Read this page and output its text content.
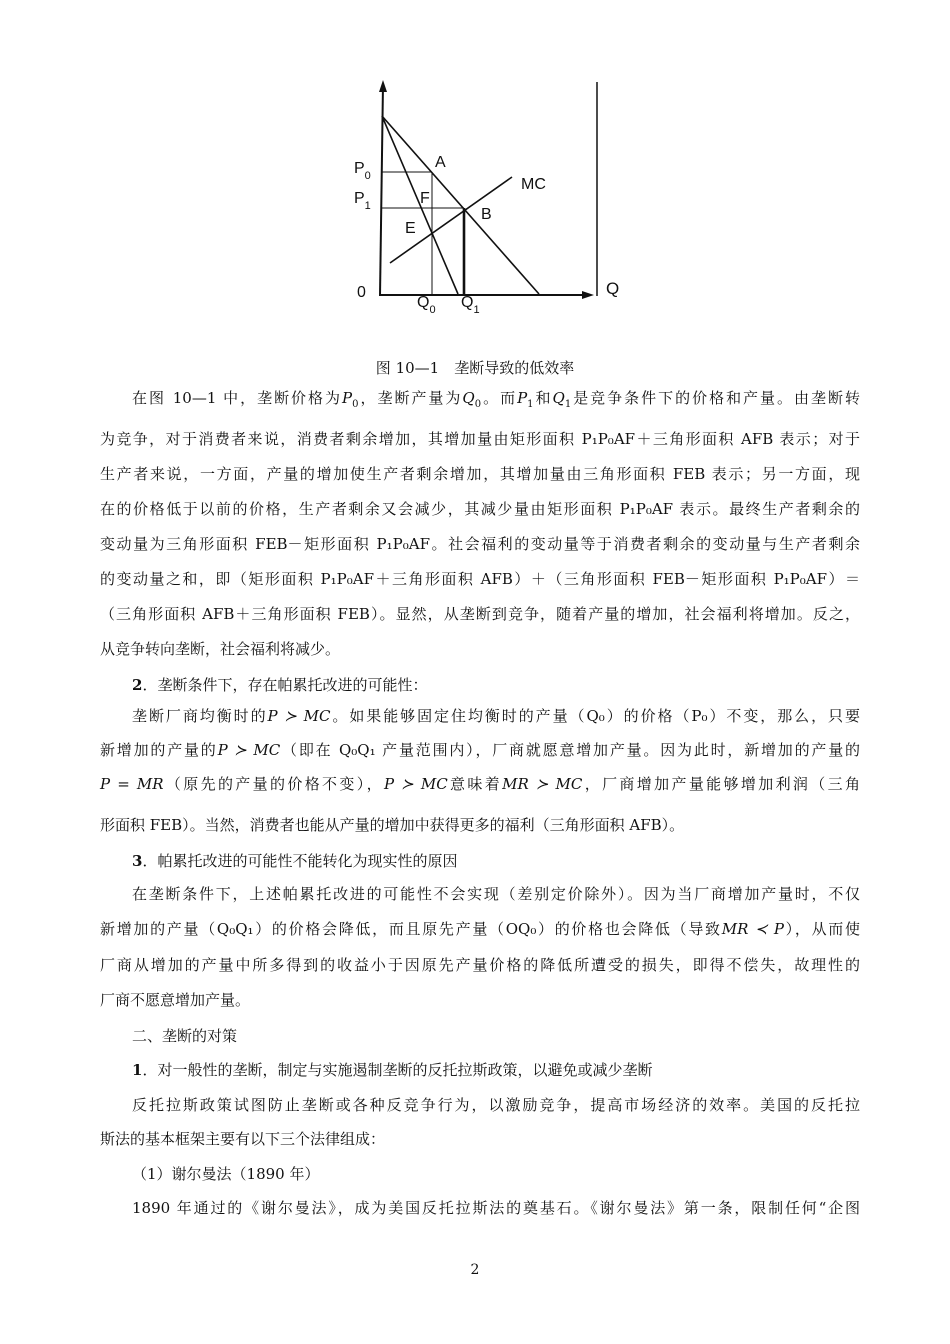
$P_0$
$P_1$
0
$Q_0$ $Q_1$
Q
A
F
B
E
MC
图 10—1　垄断导致的低效率
在图 10—1 中，垄断价格为$P_0$，垄断产量为$Q_0$。而$P_1$和$Q_1$是竞争条件下的价格和产量。由垄断转
为竞争，对于消费者来说，消费者剩余增加，其增加量由矩形面积 P₁P₀AF＋三角形面积 AFB 表示；对于
生产者来说，一方面，产量的增加使生产者剩余增加，其增加量由三角形面积 FEB 表示；另一方面，现
在的价格低于以前的价格，生产者剩余又会减少，其减少量由矩形面积 P₁P₀AF 表示。最终生产者剩余的
变动量为三角形面积 FEB－矩形面积 P₁P₀AF。社会福利的变动量等于消费者剩余的变动量与生产者剩余
的变动量之和，即（矩形面积 P₁P₀AF＋三角形面积 AFB）＋（三角形面积 FEB－矩形面积 P₁P₀AF）＝
（三角形面积 AFB＋三角形面积 FEB）。显然，从垄断到竞争，随着产量的增加，社会福利将增加。反之，
从竞争转向垄断，社会福利将减少。
2．垄断条件下，存在帕累托改进的可能性：
垄断厂商均衡时的P ≻ MC。如果能够固定住均衡时的产量（Q₀）的价格（P₀）不变，那么，只要
新增加的产量的P ≻ MC（即在 Q₀Q₁ 产量范围内），厂商就愿意增加产量。因为此时，新增加的产量的
P = MR（原先的产量的价格不变），P ≻ MC意味着MR ≻ MC，厂商增加产量能够增加利润（三角
形面积 FEB）。当然，消费者也能从产量的增加中获得更多的福利（三角形面积 AFB）。
3．帕累托改进的可能性不能转化为现实性的原因
在垄断条件下，上述帕累托改进的可能性不会实现（差别定价除外）。因为当厂商增加产量时，不仅
新增加的产量（Q₀Q₁）的价格会降低，而且原先产量（OQ₀）的价格也会降低（导致MR ≺ P），从而使
厂商从增加的产量中所多得到的收益小于因原先产量价格的降低所遭受的损失，即得不偿失，故理性的
厂商不愿意增加产量。
二、垄断的对策
1．对一般性的垄断，制定与实施遏制垄断的反托拉斯政策，以避免或减少垄断
反托拉斯政策试图防止垄断或各种反竞争行为，以激励竞争，提高市场经济的效率。美国的反托拉
斯法的基本框架主要有以下三个法律组成：
（1）谢尔曼法（1890 年）
1890 年通过的《谢尔曼法》，成为美国反托拉斯法的奠基石。《谢尔曼法》第一条，限制任何“企图
2
